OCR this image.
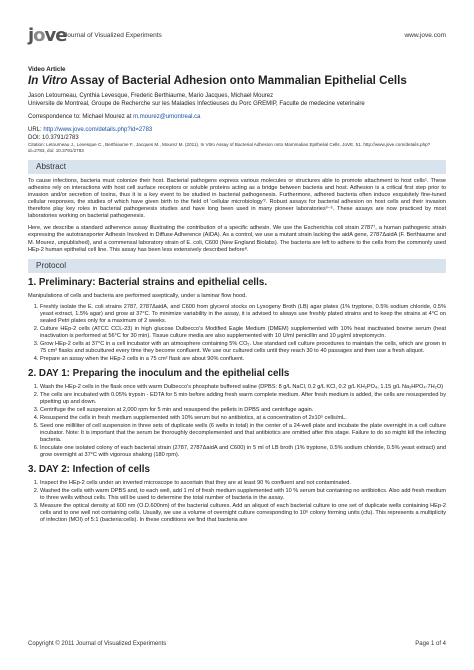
jove
Journal of Visualized Experiments	www.jove.com

Video Article

In Vitro Assay of Bacterial Adhesion onto Mammalian Epithelial Cells

Jason Letourneau, Cynthia Levesque, Frederic Berthiaume, Mario Jacques, Michael Mourez

Universite de Montreal, Groupe de Recherche sur les Maladies Infectieuses du Porc GREMIP, Faculte de medecine veterinaire

Correspondence to: Michael Mourez at m.mourez@umontreal.ca

URL: http://www.jove.com/details.php?id=2783

DOI: 10.3791/2783

Citation: Letourneau J., Levesque C., Berthiaume F., Jacques M., Mourez M. (2011). In Vitro Assay of Bacterial Adhesion onto Mammalian Epithelial Cells. JoVE. 51. http://www.jove.com/details.php?id=2783, doi: 10.3791/2783

Abstract

To cause infections, bacteria must colonize their host. Bacterial pathogens express various molecules or structures able to promote attachment to host cells¹. These adhesins rely on interactions with host cell surface receptors or soluble proteins acting as a bridge between bacteria and host. Adhesion is a critical first step prior to invasion and/or secretion of toxins, thus it is a key event to be studied in bacterial pathogenesis. Furthermore, adhered bacteria often induce exquisitely fine-tuned cellular responses, the studies of which have given birth to the field of 'cellular microbiology'². Robust assays for bacterial adhesion on host cells and their invasion therefore play key roles in bacterial pathogenesis studies and have long been used in many pioneer laboratories³⁻⁶. These assays are now practiced by most laboratories working on bacterial pathogenesis.

Here, we describe a standard adherence assay illustrating the contribution of a specific adhesin. We use the Escherichia coli strain 2787⁷, a human pathogenic strain expressing the autotransporter Adhesin Involved in Diffuse Adherence (AIDA). As a control, we use a mutant strain lacking the aidA gene, 2787ΔaidA (F. Berthiaume and M. Mourez, unpublished), and a commensal laboratory strain of E. coli, C600 (New England Biolabs). The bacteria are left to adhere to the cells from the commonly used HEp-2 human epithelial cell line. This assay has been less extensively described before⁸.

Protocol
1. Preliminary: Bacterial strains and epithelial cells.

Manipulations of cells and bacteria are performed aseptically, under a laminar flow hood.

1. Freshly isolate the E. coli strains 2787, 2787ΔaidA, and C600 from glycerol stocks on Lysogeny Broth (LB) agar plates (1% tryptone, 0.5% sodium chloride, 0.5% yeast extract, 1.5% agar) and grow at 37°C. To minimize variability in the assay, it is advised to always use freshly plated strains and to keep the strains at 4°C on sealed Petri plates only for a maximum of 2 weeks.
2. Culture HEp-2 cells (ATCC CCL-23) in high glucose Dulbecco's Modified Eagle Medium (DMEM) supplemented with 10% heat inactivated bovine serum (heat inactivation is performed at 56°C for 30 min). Tissue culture media are also supplemented with 10 U/ml penicillin and 10 μg/ml streptomycin.
3. Grow HEp-2 cells at 37°C in a cell incubator with an atmosphere containing 5% CO₂. Use standard cell culture procedures to maintain the cells, which are grown in 75 cm² flasks and subcultured every time they become confluent. We use our cultured cells until they reach 30 to 40 passages and then use a fresh aliquot.
4. Prepare an assay when the HEp-2 cells in a 75 cm² flask are about 90% confluent.
2. DAY 1: Preparing the inoculum and the epithelial cells
1. Wash the HEp-2 cells in the flask once with warm Dulbecco's phosphate buffered saline (DPBS: 8 g/L NaCl, 0.2 g/L KCl, 0.2 g/L KH₂PO₄, 1.15 g/L Na₂HPO₄·7H₂O)
2. The cells are incubated with 0.05% trypsin - EDTA for 5 min before adding fresh warm complete medium. After fresh medium is added, the cells are resuspended by pipetting up and down.
3. Centrifuge the cell suspension at 2,000 rpm for 5 min and resuspend the pellets in DPBS and centrifuge again.
4. Resuspend the cells in fresh medium supplemented with 10% serum but no antibiotics, at a concentration of 2x10⁵ cells/mL.
5. Seed one milliliter of cell suspension in three sets of duplicate wells (6 wells in total) in the center of a 24-well plate and incubate the plate overnight in a cell culture incubator. Note: It is important that the serum be thoroughly decomplemented and that antibiotics are omitted after this stage. Failure to do so might kill the infecting bacteria.
6. Inoculate one isolated colony of each bacterial strain (2787, 2787ΔaidA and C600) in 5 ml of LB broth (1% tryptone, 0.5% sodium chloride, 0.5% yeast extract) and grow overnight at 37°C with vigorous shaking (180 rpm).
3. DAY 2: Infection of cells
1. Inspect the HEp-2 cells under an inverted microscope to ascertain that they are at least 90 % confluent and not contaminated.
2. Washed the cells with warm DPBS and, to each well, add 1 ml of fresh medium supplemented with 10 % serum but containing no antibiotics. Also add fresh medium to three wells without cells. This will be used to determine the total number of bacteria in the assay.
3. Measure the optical density at 600 nm (O.D.600nm) of the bacterial cultures. Add an aliquot of each bacterial culture to one set of duplicate wells containing HEp-2 cells and to one well not containing cells. Usually, we use a volume of overnight culture corresponding to 10⁶ colony forming units (cfu). This represents a multiplicity of infection (MOI) of 5:1 (bacteria:cells). In these conditions we find that bacteria are
Copyright © 2011 Journal of Visualized Experiments	Page 1 of 4
